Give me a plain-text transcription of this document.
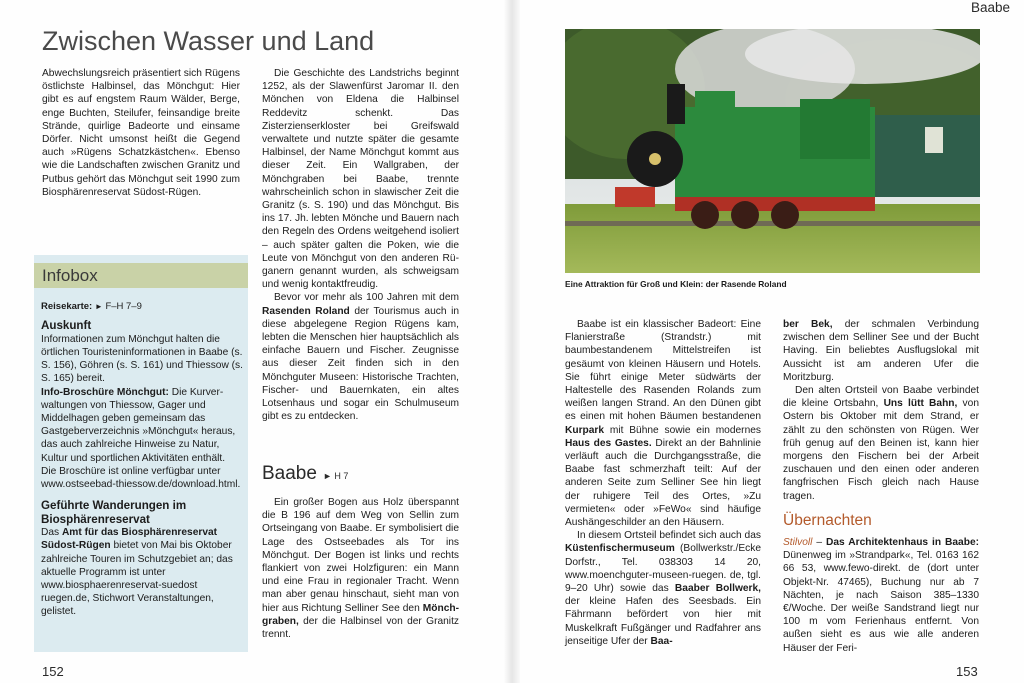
Zwischen Wasser und Land

Abwechslungsreich präsentiert sich Rügens östlichste Halbinsel, das Mönchgut: Hier gibt es auf engstem Raum Wälder, Berge, enge Buchten, Steilufer, feinsandige breite Strände, quirlige Badeorte und einsame Dörfer. Nicht umsonst heißt die Gegend auch »Rügens Schatzkästchen«. Ebenso wie die Landschaften zwischen Granitz und Putbus gehört das Mönchgut seit 1990 zum Biosphärenreservat Südost-Rügen.

Infobox

Reisekarte: ► F–H 7–9

Auskunft

Informationen zum Mönchgut halten die örtlichen Touristeninformationen in Baabe (s. S. 156), Göhren (s. S. 161) und Thiessow (s. S. 165) bereit.

Info-Broschüre Mönchgut: Die Kurverwaltungen von Thiessow, Gager und Middelhagen geben gemeinsam das Gastgeberverzeichnis »Mönchgut« heraus, das auch zahlreiche Hinweise zu Natur, Kultur und sportlichen Aktivitäten enthält. Die Broschüre ist online verfügbar unter www.ostseebad-thiessow.de/download.html.

Geführte Wanderungen im Biosphärenreservat

Das Amt für das Biosphärenreservat Südost-Rügen bietet von Mai bis Oktober zahlreiche Touren im Schutzgebiet an; das aktuelle Programm ist unter www.biosphaerenreservat-suedost ruegen.de, Stichwort Veranstaltungen, gelistet.

Die Geschichte des Landstrichs beginnt 1252, als der Slawenfürst Jaromar II. den Mönchen von Eldena die Halbinsel Reddevitz schenkt. Das Zisterzienserkloster bei Greifswald verwaltete und nutzte später die gesamte Halbinsel, der Name Mönchgut kommt aus dieser Zeit. Ein Wallgraben, der Mönchgraben bei Baabe, trennte wahrscheinlich schon in slawischer Zeit die Granitz (s. S. 190) und das Mönchgut. Bis ins 17. Jh. lebten Mönche und Bauern nach den Regeln des Ordens weitgehend isoliert – auch später galten die Poken, wie die Leute von Mönchgut von den anderen Rüganern genannt wurden, als schweigsam und wenig kontaktfreudig.

Bevor vor mehr als 100 Jahren mit dem Rasenden Roland der Tourismus auch in diese abgelegene Region Rügens kam, lebten die Menschen hier hauptsächlich als einfache Bauern und Fischer. Zeugnisse aus dieser Zeit finden sich in den Mönchguter Museen: Historische Trachten, Fischer- und Bauernkaten, ein altes Lotsenhaus und sogar ein Schulmuseum gibt es zu entdecken.

Baabe ► H 7

Ein großer Bogen aus Holz überspannt die B 196 auf dem Weg von Sellin zum Ortseingang von Baabe. Er symbolisiert die Lage des Ostseebades als Tor ins Mönchgut. Der Bogen ist links und rechts flankiert von zwei Holzfiguren: ein Mann und eine Frau in regionaler Tracht. Wenn man aber genau hinschaut, sieht man von hier aus Richtung Selliner See den Mönchgraben, der die Halbinsel von der Granitz trennt.

152
Baabe
Eine Attraktion für Groß und Klein: der Rasende Roland

Baabe ist ein klassischer Badeort: Eine Flanierstraße (Strandstr.) mit baumbestandenem Mittelstreifen ist gesäumt von kleinen Häusern und Hotels. Sie führt einige Meter südwärts der Haltestelle des Rasenden Rolands zum weißen langen Strand. An den Dünen gibt es einen mit hohen Bäumen bestandenen Kurpark mit Bühne sowie ein modernes Haus des Gastes. Direkt an der Bahnlinie verläuft auch die Durchgangsstraße, die Baabe fast schmerzhaft teilt: Auf der anderen Seite zum Selliner See hin liegt der ruhigere Teil des Ortes, »Zu vermieten« oder »FeWo« sind häufige Aushängeschilder an den Häusern.

In diesem Ortsteil befindet sich auch das Küstenfischermuseum (Bollwerkstr./Ecke Dorfstr., Tel. 038303 14 20, www.moenchguter-museen-ruegen. de, tgl. 9–20 Uhr) sowie das Baaber Bollwerk, der kleine Hafen des Seesbads. Ein Fährmann befördert von hier mit Muskelkraft Fußgänger und Radfahrer ans jenseitige Ufer der Baa-

ber Bek, der schmalen Verbindung zwischen dem Selliner See und der Bucht Having. Ein beliebtes Ausflugslokal mit Aussicht ist am anderen Ufer die Moritzburg.

Den alten Ortsteil von Baabe verbindet die kleine Ortsbahn, Uns lütt Bahn, von Ostern bis Oktober mit dem Strand, er zählt zu den schönsten von Rügen. Wer früh genug auf den Beinen ist, kann hier morgens den Fischern bei der Arbeit zuschauen und den einen oder anderen fangfrischen Fisch gleich nach Hause tragen.

Übernachten

Stilvoll – Das Architektenhaus in Baabe: Dünenweg im »Strandpark«, Tel. 0163 162 66 53, www.fewo-direkt. de (dort unter Objekt-Nr. 47465), Buchung nur ab 7 Nächten, je nach Saison 385–1330 €/Woche. Der weiße Sandstrand liegt nur 100 m vom Ferienhaus entfernt. Von außen sieht es aus wie alle anderen Häuser der Feri-

153
